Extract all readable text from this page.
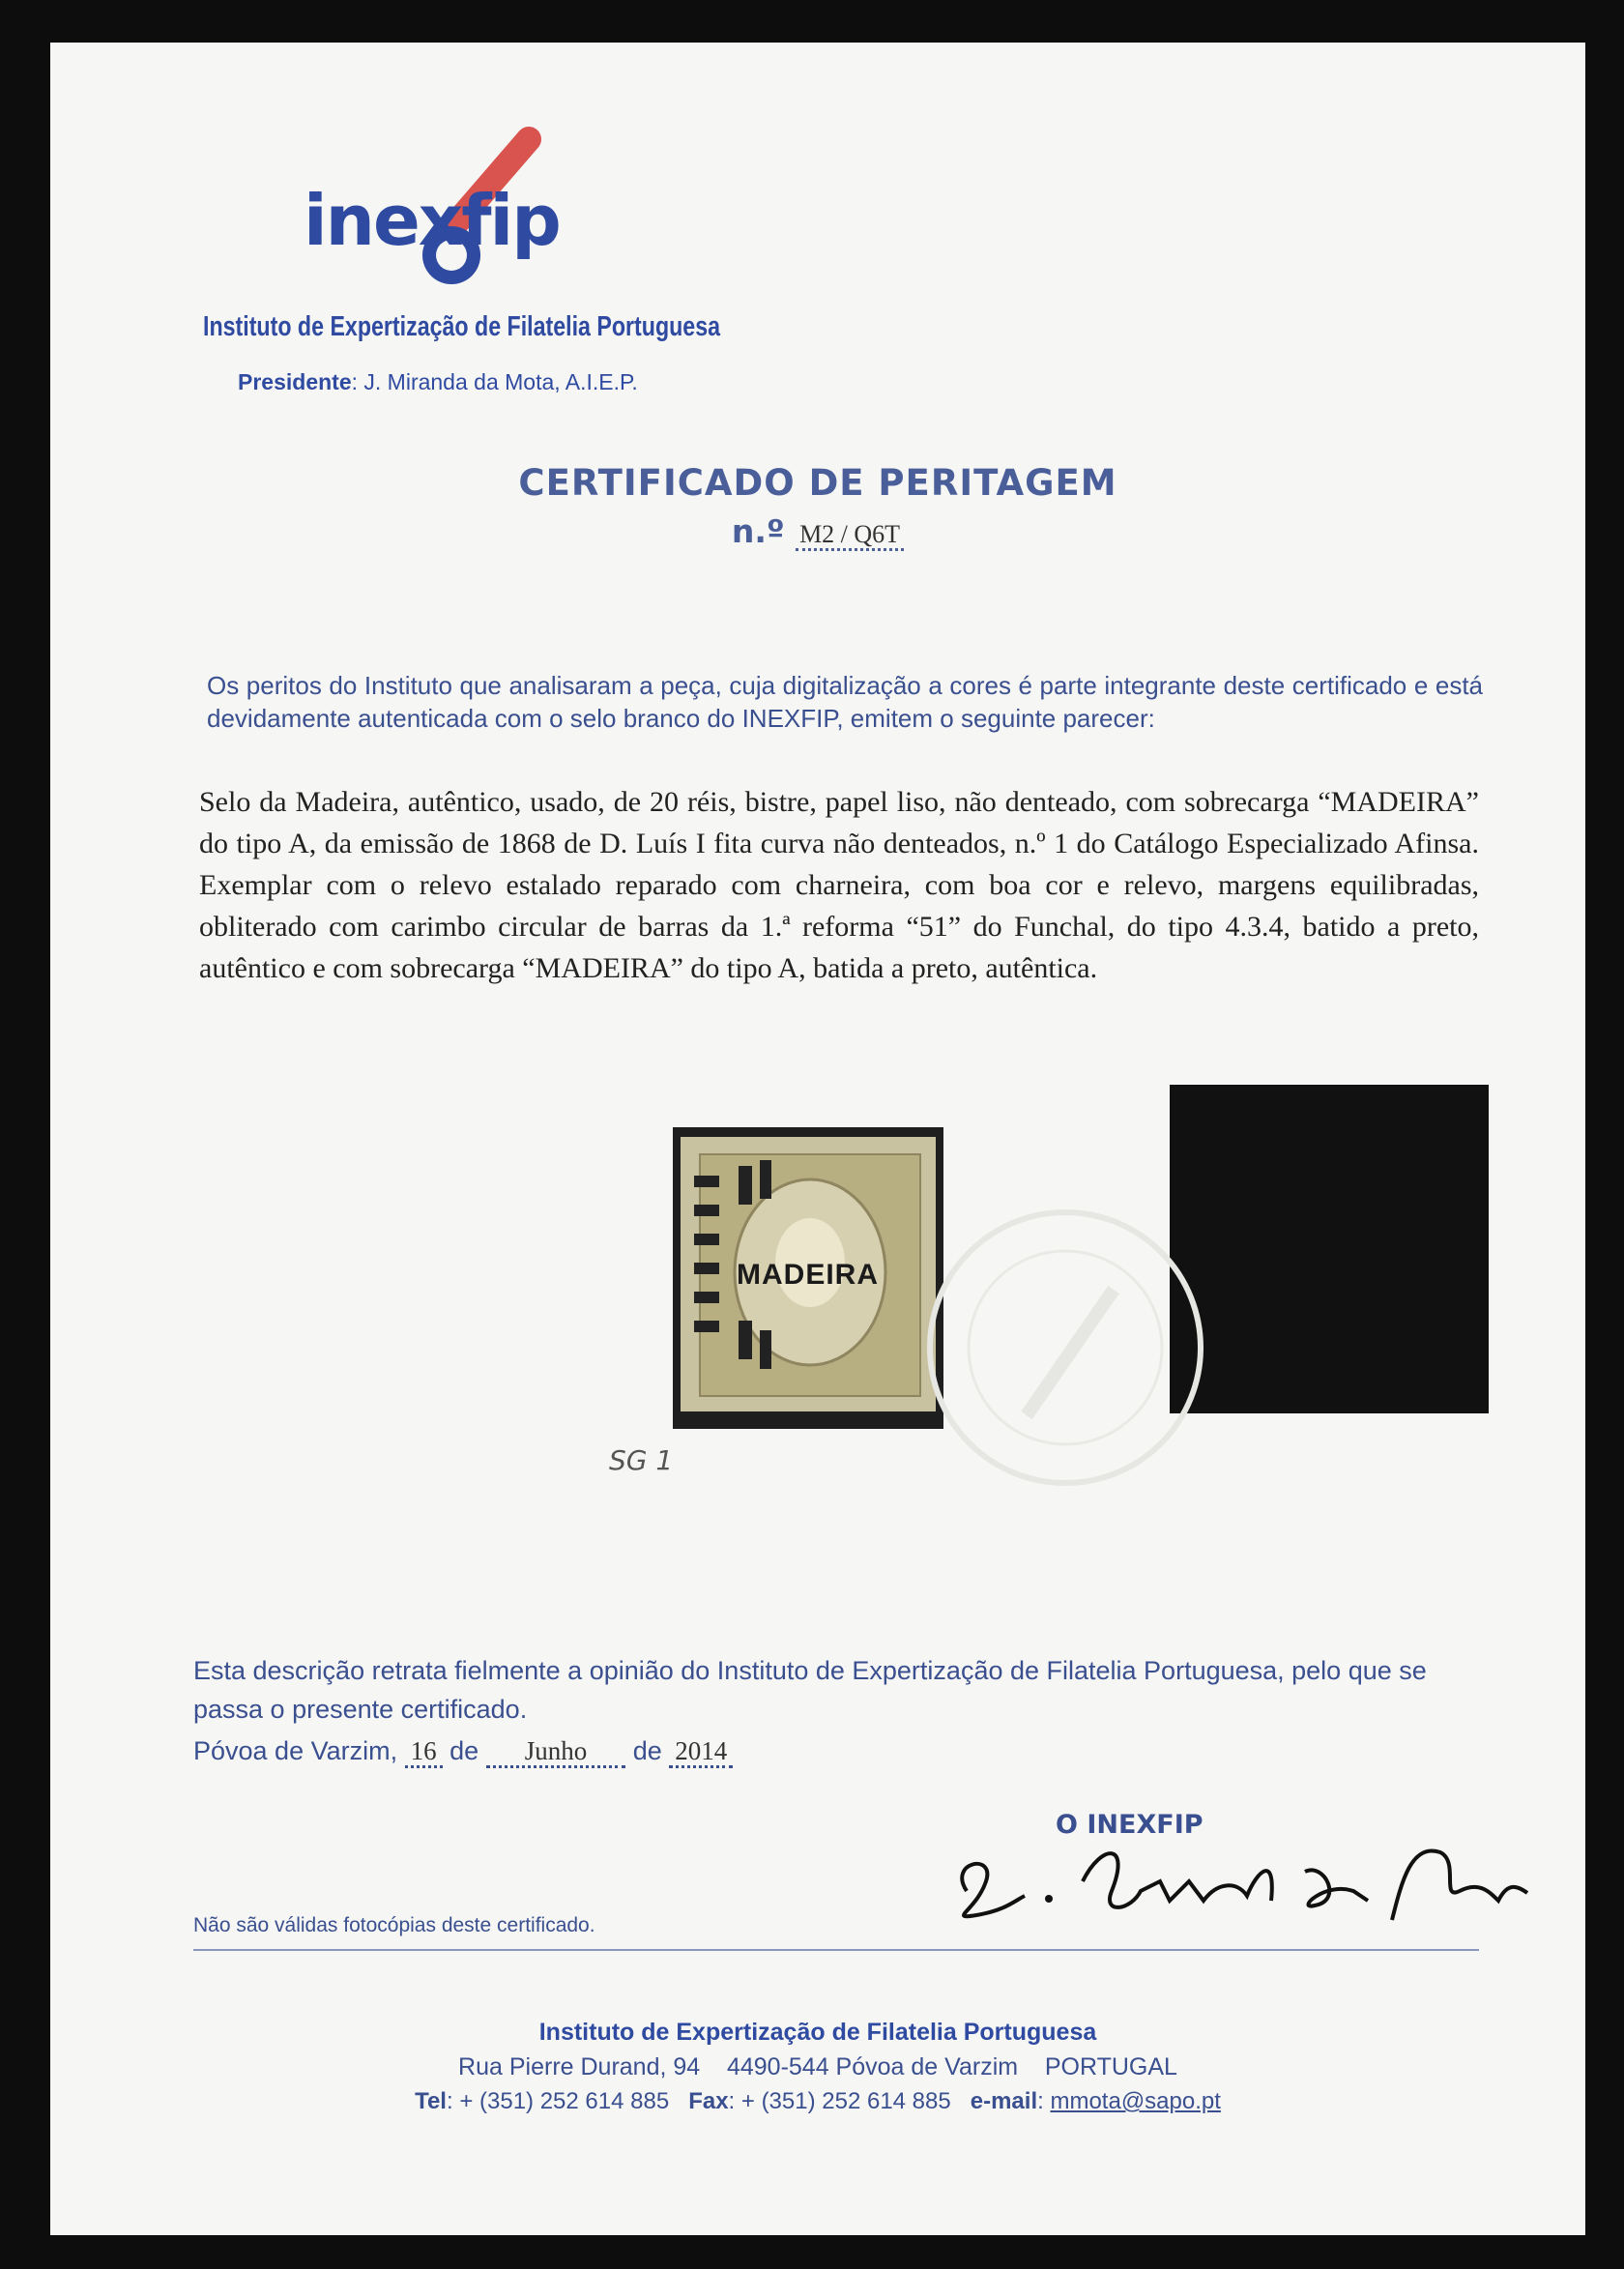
inexfip
Instituto de Expertização de Filatelia Portuguesa
Presidente: J. Miranda da Mota, A.I.E.P.
CERTIFICADO DE PERITAGEM
n.º M2 / Q6T
Os peritos do Instituto que analisaram a peça, cuja digitalização a cores é parte integrante deste certificado e está devidamente autenticada com o selo branco do INEXFIP, emitem o seguinte parecer:
Selo da Madeira, autêntico, usado, de 20 réis, bistre, papel liso, não denteado, com sobrecarga “MADEIRA” do tipo A, da emissão de 1868 de D. Luís I fita curva não denteados, n.º 1 do Catálogo Especializado Afinsa. Exemplar com o relevo estalado reparado com charneira, com boa cor e relevo, margens equilibradas, obliterado com carimbo circular de barras da 1.ª reforma “51” do Funchal, do tipo 4.3.4, batido a preto, autêntico e com sobrecarga “MADEIRA” do tipo A, batida a preto, autêntica.
MADEIRA
SG 1
Esta descrição retrata fielmente a opinião do Instituto de Expertização de Filatelia Portuguesa, pelo que se passa o presente certificado.
Póvoa de Varzim, 16 de Junho de 2014
O INEXFIP
Não são válidas fotocópias deste certificado.
Instituto de Expertização de Filatelia Portuguesa
Rua Pierre Durand, 94    4490-544 Póvoa de Varzim    PORTUGAL
Tel: + (351) 252 614 885 Fax: + (351) 252 614 885 e-mail: mmota@sapo.pt
